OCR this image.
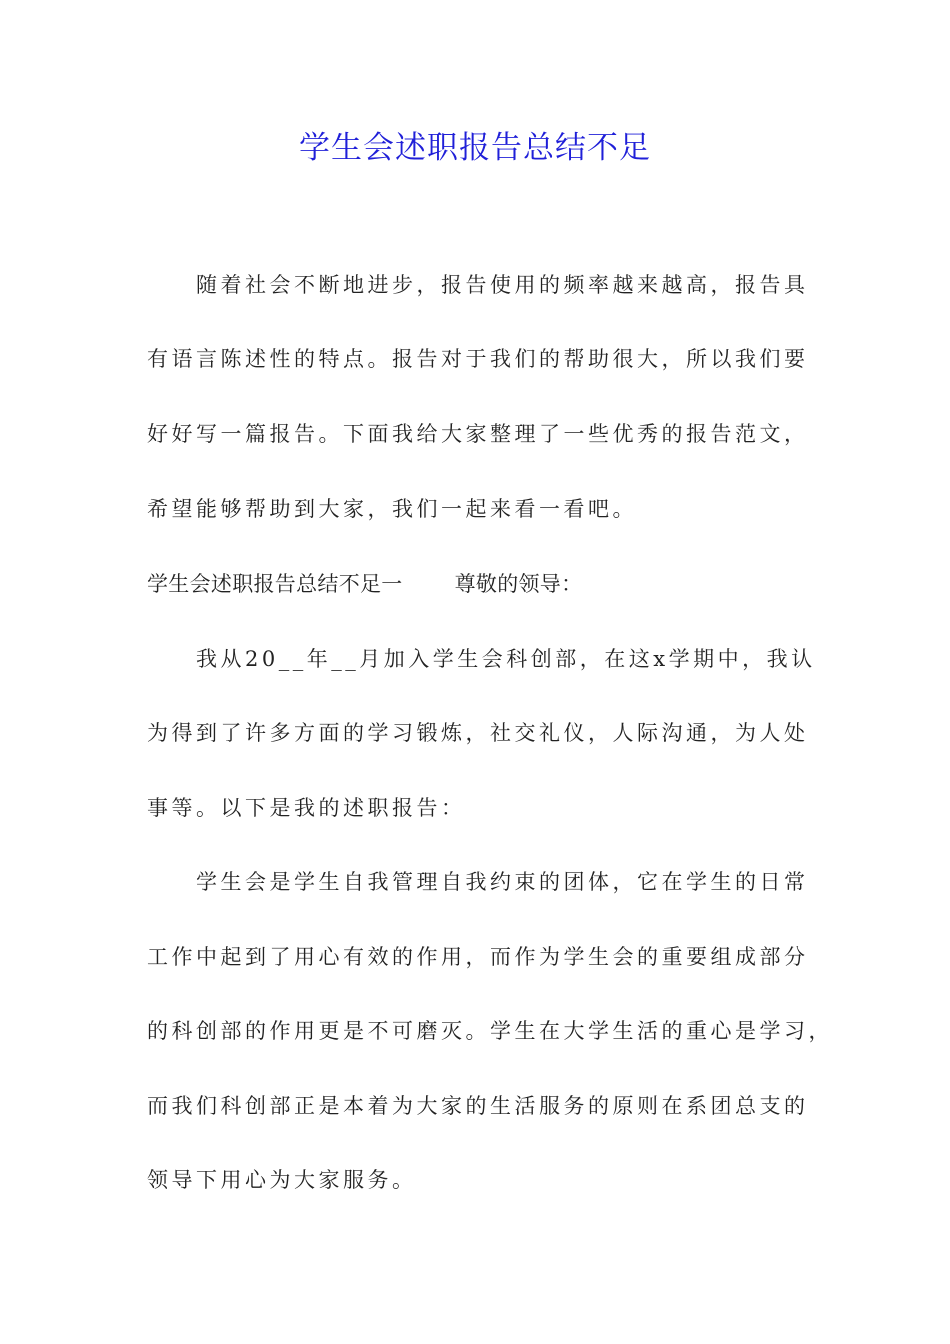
学生会述职报告总结不足
随着社会不断地进步，报告使用的频率越来越高，报告具
有语言陈述性的特点。报告对于我们的帮助很大，所以我们要
好好写一篇报告。下面我给大家整理了一些优秀的报告范文，
希望能够帮助到大家，我们一起来看一看吧。
学生会述职报告总结不足一 尊敬的领导：
我从20__年__月加入学生会科创部，在这x学期中，我认
为得到了许多方面的学习锻炼，社交礼仪，人际沟通，为人处
事等。以下是我的述职报告：
学生会是学生自我管理自我约束的团体，它在学生的日常
工作中起到了用心有效的作用，而作为学生会的重要组成部分
的科创部的作用更是不可磨灭。学生在大学生活的重心是学习，
而我们科创部正是本着为大家的生活服务的原则在系团总支的
领导下用心为大家服务。
